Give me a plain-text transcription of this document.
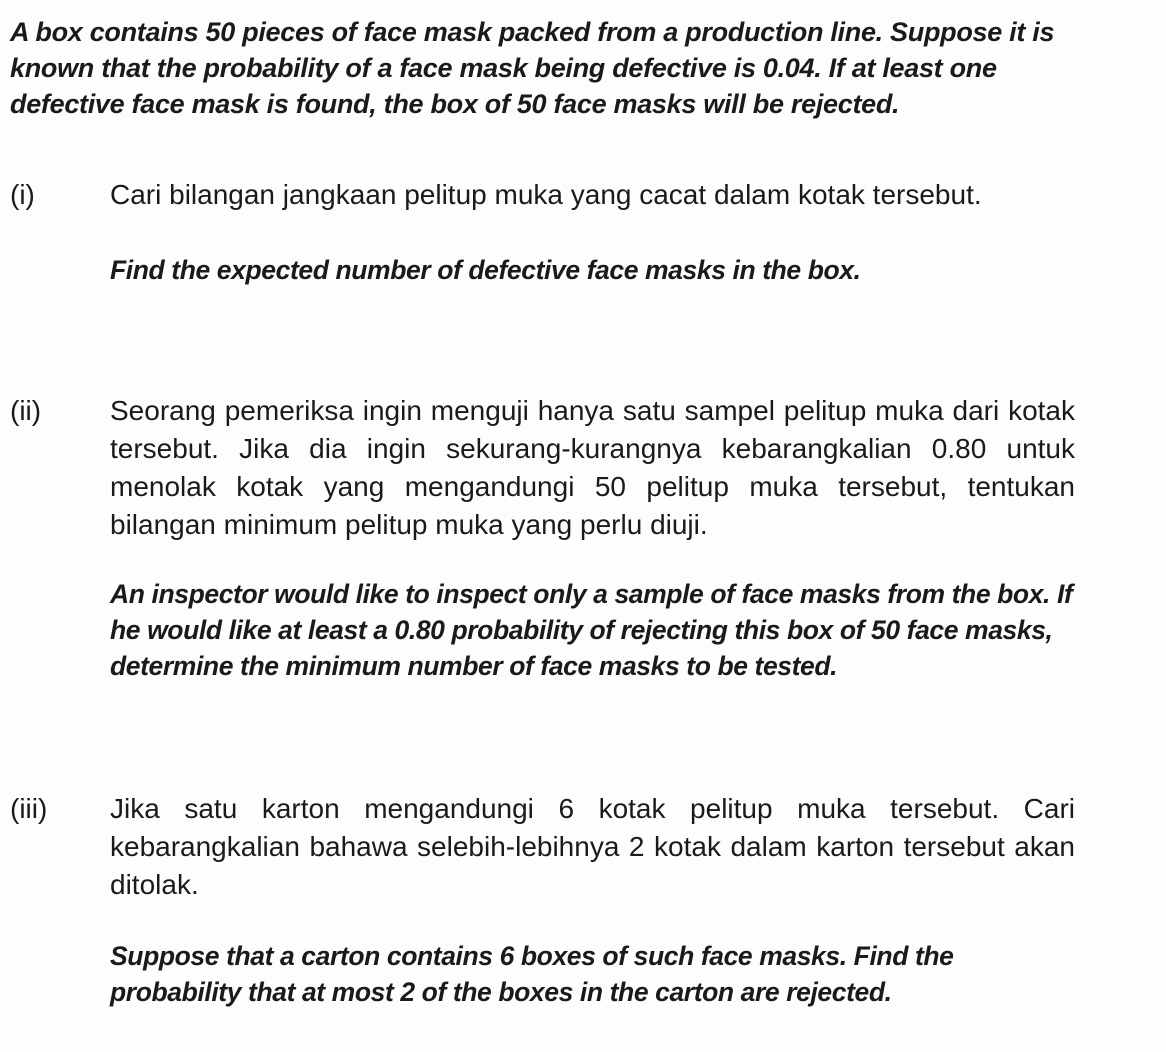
A box contains 50 pieces of face mask packed from a production line. Suppose it is known that the probability of a face mask being defective is 0.04. If at least one defective face mask is found, the box of 50 face masks will be rejected.
(i)	Cari bilangan jangkaan pelitup muka yang cacat dalam kotak tersebut.
Find the expected number of defective face masks in the box.
(ii) Seorang pemeriksa ingin menguji hanya satu sampel pelitup muka dari kotak tersebut. Jika dia ingin sekurang-kurangnya kebarangkalian 0.80 untuk menolak kotak yang mengandungi 50 pelitup muka tersebut, tentukan bilangan minimum pelitup muka yang perlu diuji.
An inspector would like to inspect only a sample of face masks from the box. If he would like at least a 0.80 probability of rejecting this box of 50 face masks, determine the minimum number of face masks to be tested.
(iii) Jika satu karton mengandungi 6 kotak pelitup muka tersebut. Cari kebarangkalian bahawa selebih-lebihnya 2 kotak dalam karton tersebut akan ditolak.
Suppose that a carton contains 6 boxes of such face masks. Find the probability that at most 2 of the boxes in the carton are rejected.
